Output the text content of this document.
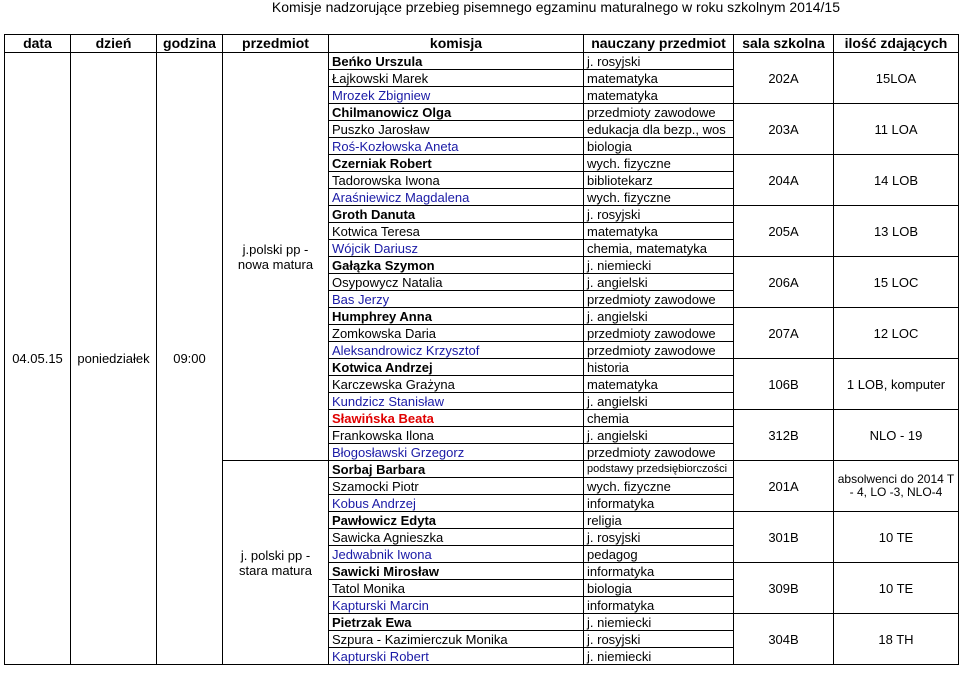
Komisje nadzorujące przebieg pisemnego egzaminu maturalnego w roku szkolnym 2014/15
data	dzień	godzina	przedmiot	komisja	nauczany przedmiot	sala szkolna	ilość zdających
04.05.15	poniedziałek	09:00	j.polski pp - nowa matura	Beńko Urszula	j. rosyjski	202A	15LOA
				Łajkowski Marek	matematyka		
				Mrozek Zbigniew	matematyka		
				Chilmanowicz Olga	przedmioty zawodowe	203A	11 LOA
				Puszko Jarosław	edukacja dla bezp., wos		
				Roś-Kozłowska Aneta	biologia		
				Czerniak Robert	wych. fizyczne	204A	14 LOB
				Tadorowska Iwona	bibliotekarz		
				Araśniewicz Magdalena	wych. fizyczne		
				Groth Danuta	j. rosyjski	205A	13 LOB
				Kotwica Teresa	matematyka		
				Wójcik Dariusz	chemia, matematyka		
				Gałązka Szymon	j. niemiecki	206A	15 LOC
				Osypowycz Natalia	j. angielski		
				Bas Jerzy	przedmioty zawodowe		
				Humphrey Anna	j. angielski	207A	12 LOC
				Zomkowska Daria	przedmioty zawodowe		
				Aleksandrowicz Krzysztof	przedmioty zawodowe		
				Kotwica Andrzej	historia	106B	1 LOB, komputer
				Karczewska Grażyna	matematyka		
				Kundzicz Stanisław	j. angielski		
				Sławińska Beata	chemia	312B	NLO - 19
				Frankowska Ilona	j. angielski		
				Błogosławski Grzegorz	przedmioty zawodowe		
			j. polski pp - stara matura	Sorbaj Barbara	podstawy przedsiębiorczości	201A	absolwenci do 2014 T - 4, LO -3, NLO-4
				Szamocki Piotr	wych. fizyczne		
				Kobus Andrzej	informatyka		
				Pawłowicz Edyta	religia	301B	10 TE
				Sawicka Agnieszka	j. rosyjski		
				Jedwabnik Iwona	pedagog		
				Sawicki Mirosław	informatyka	309B	10 TE
				Tatol Monika	biologia		
				Kapturski Marcin	informatyka		
				Pietrzak Ewa	j. niemiecki	304B	18 TH
				Szpura - Kazimierczuk Monika	j. rosyjski		
				Kapturski Robert	j. niemiecki		
